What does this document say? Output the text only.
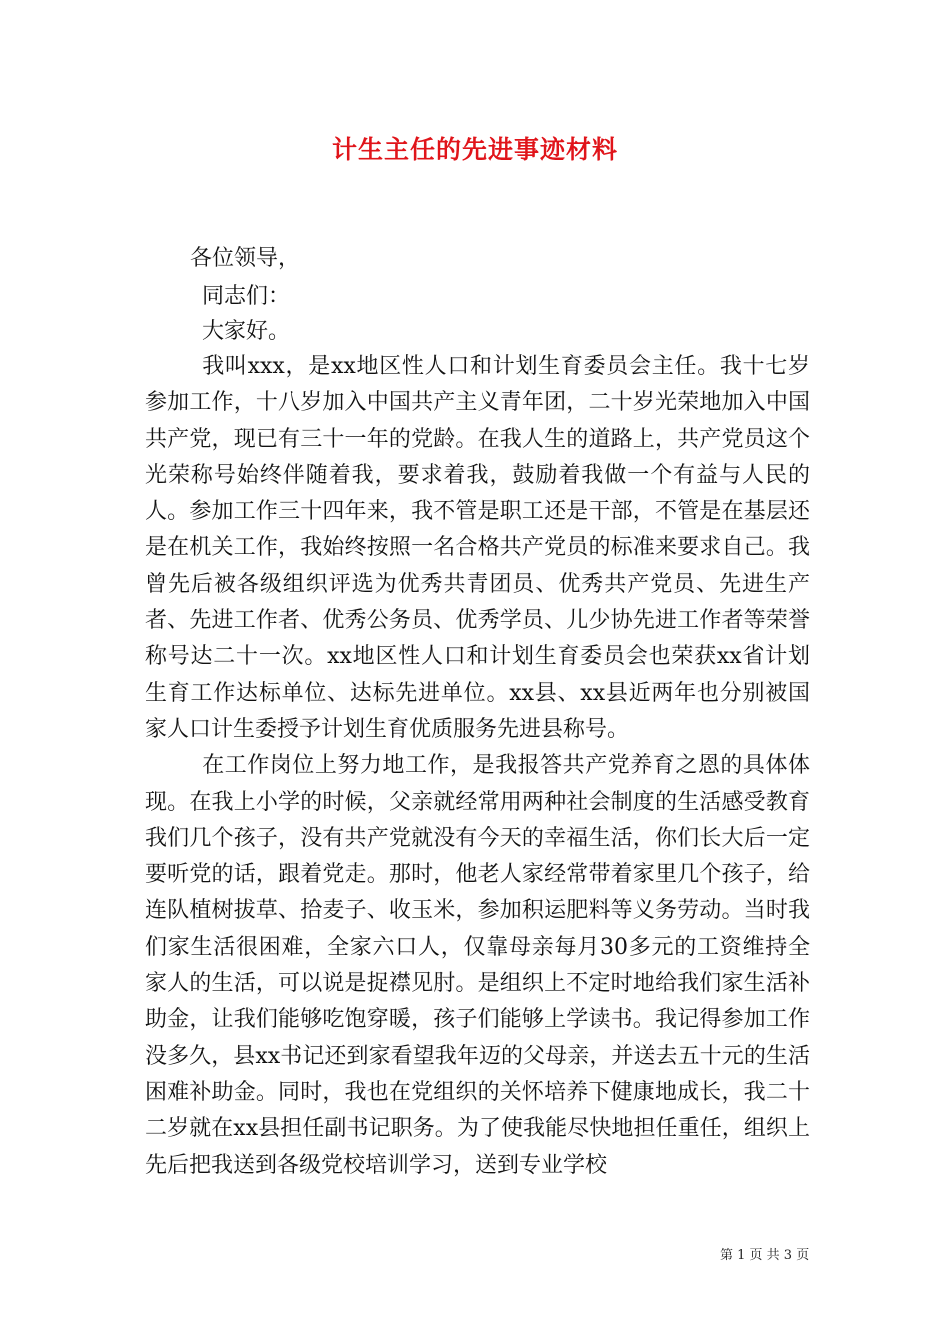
计生主任的先进事迹材料
各位领导，
同志们：
大家好。

我叫xxx，是xx地区性人口和计划生育委员会主任。我十七岁参加工作，十八岁加入中国共产主义青年团，二十岁光荣地加入中国共产党，现已有三十一年的党龄。在我人生的道路上，共产党员这个光荣称号始终伴随着我，要求着我，鼓励着我做一个有益与人民的人。参加工作三十四年来，我不管是职工还是干部，不管是在基层还是在机关工作，我始终按照一名合格共产党员的标准来要求自己。我曾先后被各级组织评选为优秀共青团员、优秀共产党员、先进生产者、先进工作者、优秀公务员、优秀学员、儿少协先进工作者等荣誉称号达二十一次。xx地区性人口和计划生育委员会也荣获xx省计划生育工作达标单位、达标先进单位。xx县、xx县近两年也分别被国家人口计生委授予计划生育优质服务先进县称号。

在工作岗位上努力地工作，是我报答共产党养育之恩的具体体现。在我上小学的时候，父亲就经常用两种社会制度的生活感受教育我们几个孩子，没有共产党就没有今天的幸福生活，你们长大后一定要听党的话，跟着党走。那时，他老人家经常带着家里几个孩子，给连队植树拔草、拾麦子、收玉米，参加积运肥料等义务劳动。当时我们家生活很困难，全家六口人，仅靠母亲每月30多元的工资维持全家人的生活，可以说是捉襟见肘。是组织上不定时地给我们家生活补助金，让我们能够吃饱穿暖，孩子们能够上学读书。我记得参加工作没多久，县xx书记还到家看望我年迈的父母亲，并送去五十元的生活困难补助金。同时，我也在党组织的关怀培养下健康地成长，我二十二岁就在xx县担任副书记职务。为了使我能尽快地担任重任，组织上先后把我送到各级党校培训学习，送到专业学校

第 1 页 共 3 页
